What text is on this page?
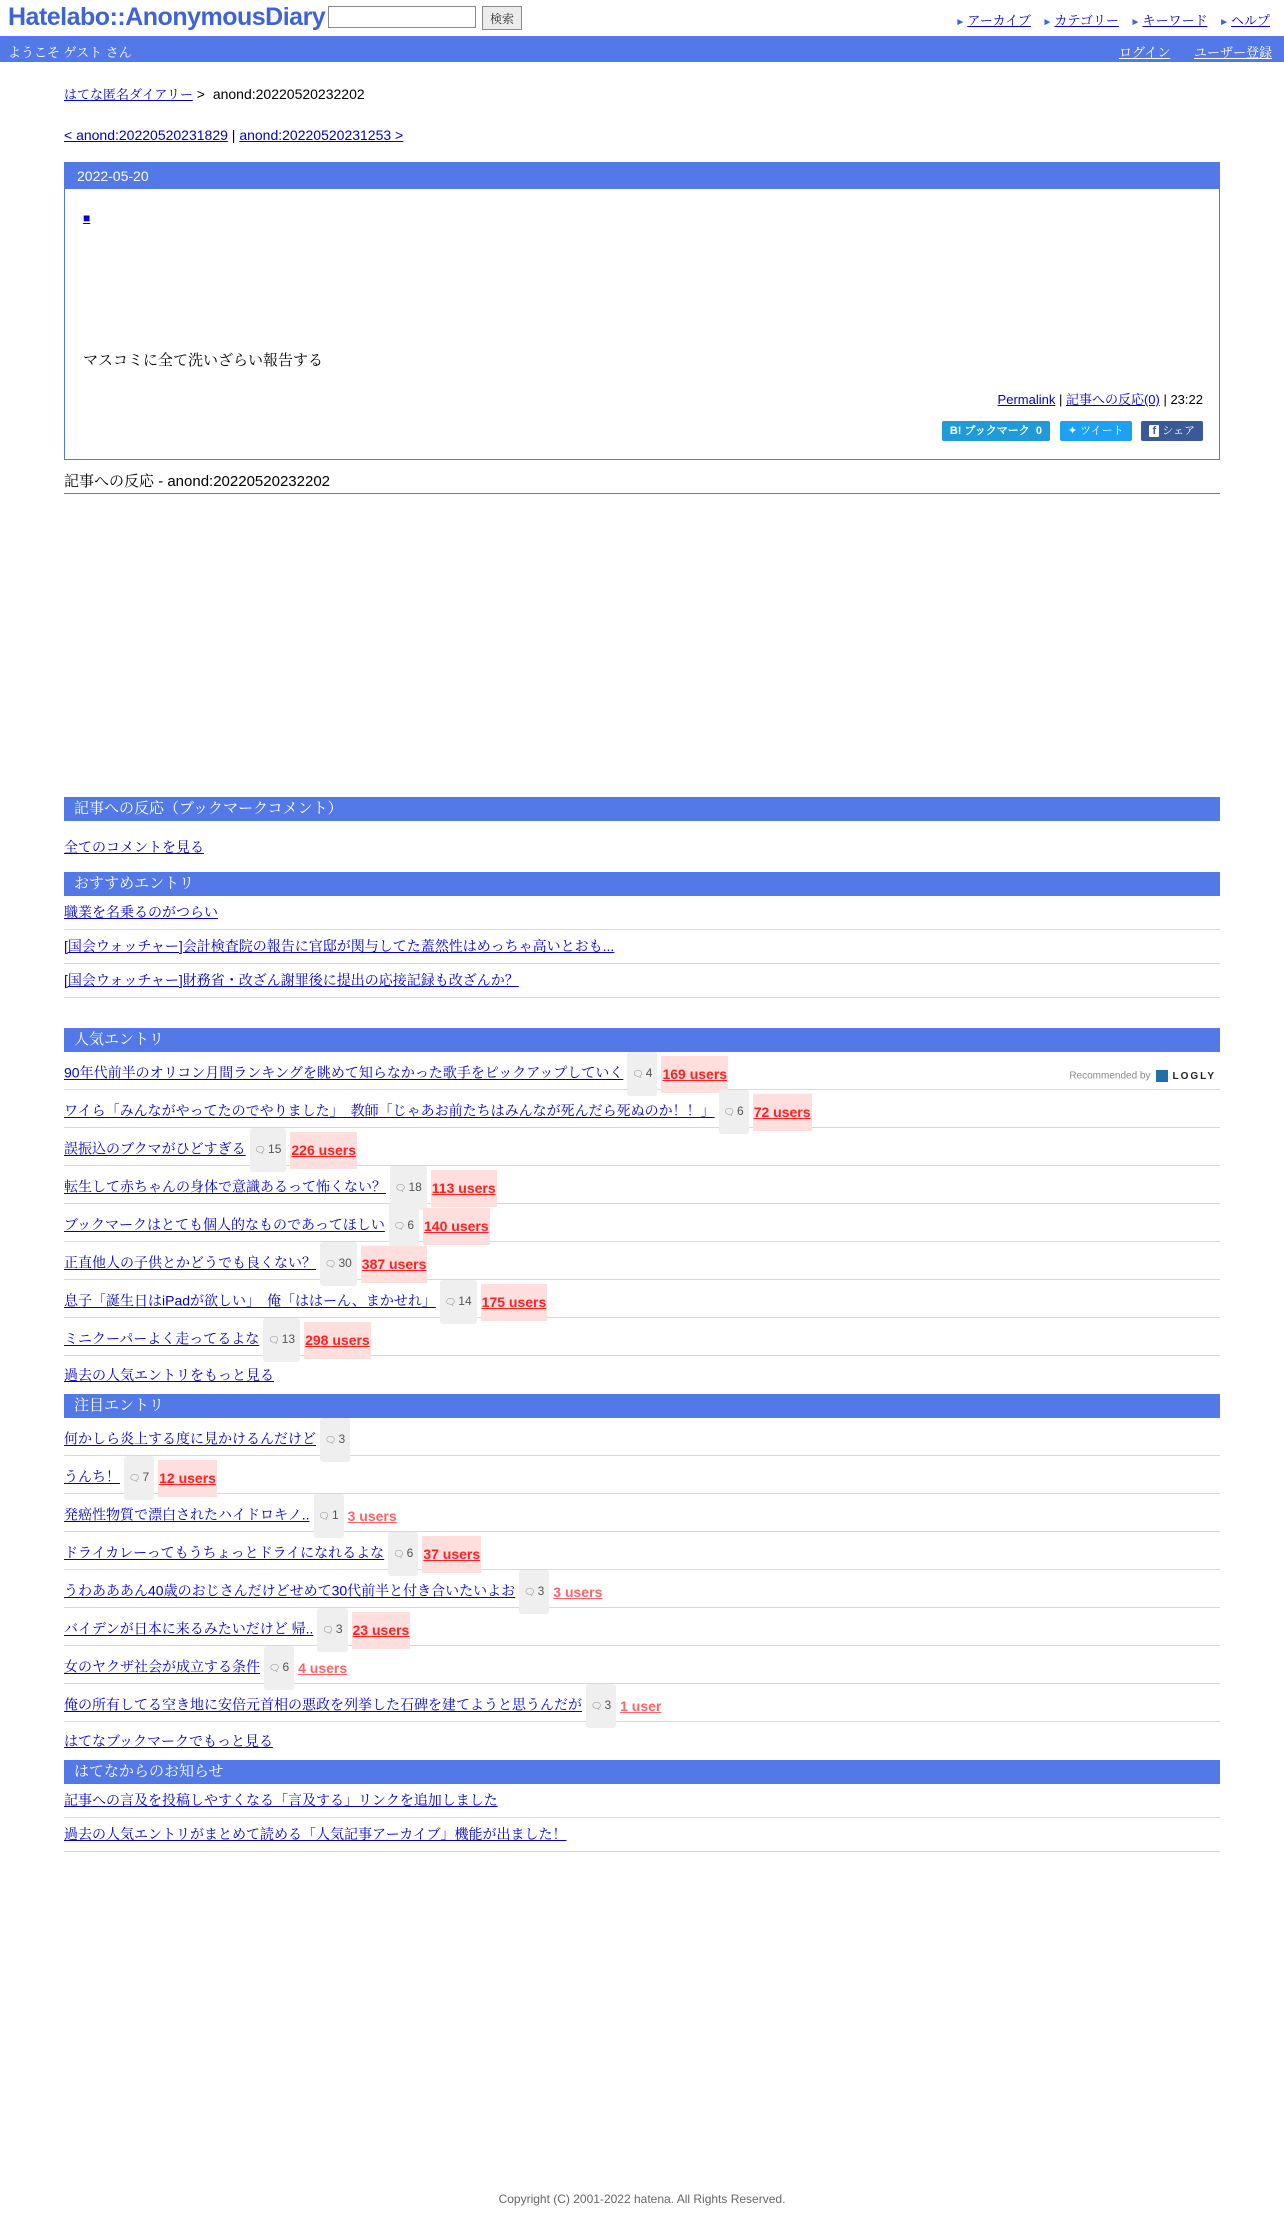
Hatelabo::AnonymousDiary	検索	► アーカイブ ► カテゴリー ► キーワード ► ヘルプ
ようこそ ゲスト さん	ログイン ユーザー登録
はてな匿名ダイアリー > anond:20220520232202
< anond:20220520231829 | anond:20220520231253 >
2022-05-20
■
マスコミに全て洗いざらい報告する
Permalink | 記事への反応(0) | 23:22
B! ブックマーク 0 ✦ ツイート	f シェア
記事への反応 - anond:20220520232202
記事への反応（ブックマークコメント）
全てのコメントを見る
おすすめエントリ
職業を名乗るのがつらい
[国会ウォッチャー]会計検査院の報告に官邸が関与してた蓋然性はめっちゃ高いとおも...
[国会ウォッチャー]財務省・改ざん謝罪後に提出の応接記録も改ざんか？
Recommended by LOGLY
人気エントリ
90年代前半のオリコン月間ランキングを眺めて知らなかった歌手をピックアップしていく 🗨 4 169 users
ワイら「みんながやってたのでやりました」　教師「じゃあお前たちはみんなが死んだら死ぬのか！！」 🗨 6 72 users
誤振込のブクマがひどすぎる 🗨 15 226 users
転生して赤ちゃんの身体で意識あるって怖くない？ 🗨 18 113 users
ブックマークはとても個人的なものであってほしい 🗨 6 140 users
正直他人の子供とかどうでも良くない？ 🗨 30 387 users
息子「誕生日はiPadが欲しい」　俺「ははーん、まかせれ」 🗨 14 175 users
ミニクーパーよく走ってるよな 🗨 13 298 users
過去の人気エントリをもっと見る
注目エントリ
何かしら炎上する度に見かけるんだけど 🗨 3
うんち！ 🗨 7 12 users
発癌性物質で漂白されたハイドロキノ.. 🗨 1 3 users
ドライカレーってもうちょっとドライになれるよな 🗨 6 37 users
うわあああん40歳のおじさんだけどせめて30代前半と付き合いたいよお 🗨 3 3 users
バイデンが日本に来るみたいだけど 帰.. 🗨 3 23 users
女のヤクザ社会が成立する条件 🗨 6 4 users
俺の所有してる空き地に安倍元首相の悪政を列挙した石碑を建てようと思うんだが 🗨 3 1 user
はてなブックマークでもっと見る
はてなからのお知らせ
記事への言及を投稿しやすくなる「言及する」リンクを追加しました
過去の人気エントリがまとめて読める「人気記事アーカイブ」機能が出ました！
Copyright (C) 2001-2022 hatena. All Rights Reserved.
